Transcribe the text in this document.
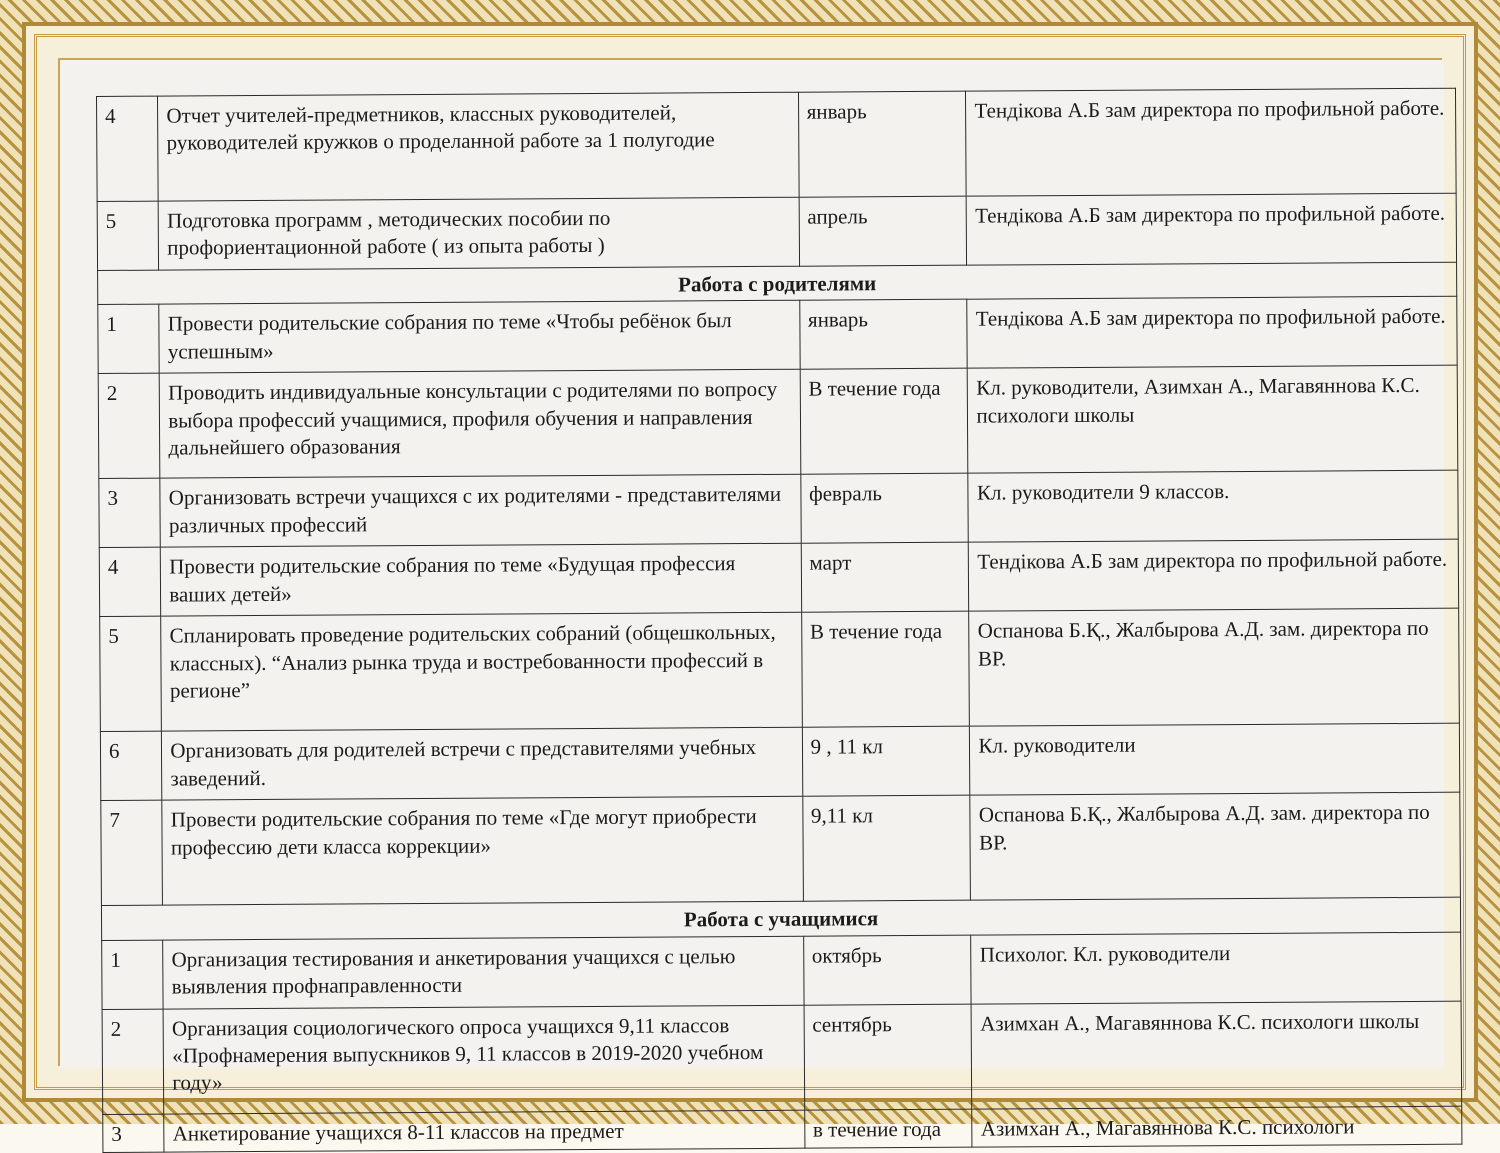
4	Отчет учителей-предметников, классных руководителей, руководителей кружков о проделанной работе за 1 полугодие	январь	Тендікова А.Б зам директора по профильной работе.
5	Подготовка программ , методических пособии по профориентационной работе ( из опыта работы )	апрель	Тендікова А.Б зам директора по профильной работе.
Работа с родителями			
1	Провести родительские собрания по теме «Чтобы ребёнок был успешным»	январь	Тендікова А.Б зам директора по профильной работе.
2	Проводить индивидуальные консультации с родителями по вопросу выбора профессий учащимися, профиля обучения и направления дальнейшего образования	В течение года	Кл. руководители, Азимхан А., Магавяннова К.С. психологи школы
3	Организовать встречи учащихся с их родителями - представителями различных профессий	февраль	Кл. руководители 9 классов.
4	Провести родительские собрания по теме «Будущая профессия ваших детей»	март	Тендікова А.Б зам директора по профильной работе.
5	Спланировать проведение родительских собраний (общешкольных, классных). “Анализ рынка труда и востребованности профессий в регионе”	В течение года	Оспанова Б.Қ., Жалбырова А.Д. зам. директора по ВР.
6	Организовать для родителей встречи с представителями учебных заведений.	9 , 11 кл	Кл. руководители
7	Провести родительские собрания по теме «Где могут приобрести профессию дети класса коррекции»	9,11 кл	Оспанова Б.Қ., Жалбырова А.Д. зам. директора по ВР.
Работа с учащимися			
1	Организация тестирования и анкетирования учащихся с целью выявления профнаправленности	октябрь	Психолог. Кл. руководители
2	Организация социологического опроса учащихся 9,11 классов «Профнамерения выпускников 9, 11 классов в 2019-2020 учебном году»	сентябрь	Азимхан А., Магавяннова К.С. психологи школы
3	Анкетирование учащихся 8-11 классов на предмет	в течение года	Азимхан А., Магавяннова К.С. психологи
